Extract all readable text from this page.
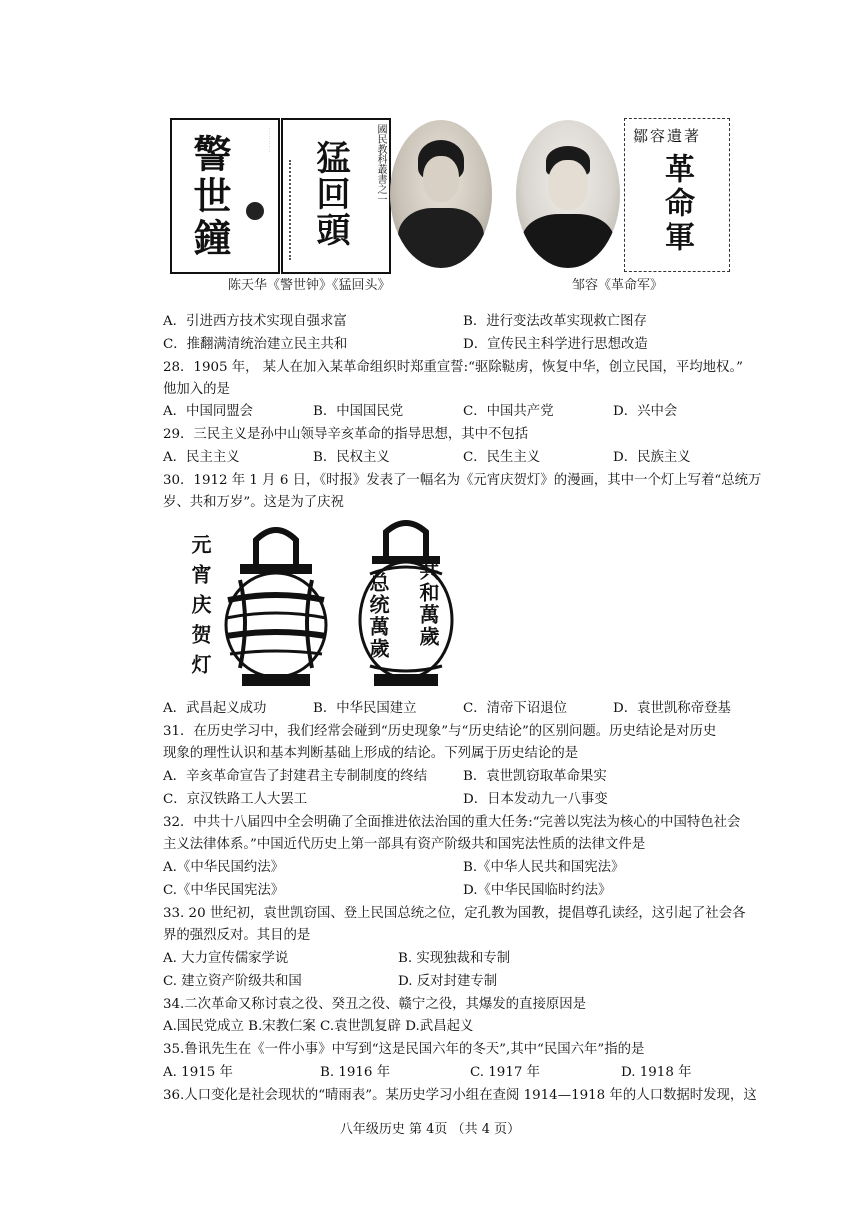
· · · · · · · · · ·
警世鐘	國民教科叢書之一
猛回頭
鄒容遺著
革命軍
陈天华《警世钟》《猛回头》	邹容《革命军》
A．引进西方技术实现自强求富	B．进行变法改革实现救亡图存
C．推翻满清统治建立民主共和	D．宣传民主科学进行思想改造
28．1905 年， 某人在加入某革命组织时郑重宣誓:“驱除鞑虏，恢复中华，创立民国，平均地权。”
他加入的是
A．中国同盟会	B．中国国民党	C．中国共产党	D．兴中会
29．三民主义是孙中山领导辛亥革命的指导思想，其中不包括
A．民主主义	B．民权主义	C．民生主义	D．民族主义
30．1912 年 1 月 6 日，《时报》发表了一幅名为《元宵庆贺灯》的漫画，其中一个灯上写着“总统万
岁、共和万岁”。这是为了庆祝
元宵庆贺灯	共和萬歲
总统萬歲
A．武昌起义成功	B．中华民国建立	C．清帝下诏退位	D．袁世凯称帝登基
31．在历史学习中，我们经常会碰到“历史现象”与“历史结论”的区别问题。历史结论是对历史
现象的理性认识和基本判断基础上形成的结论。下列属于历史结论的是
A．辛亥革命宣告了封建君主专制制度的终结	B．袁世凯窃取革命果实
C．京汉铁路工人大罢工	D．日本发动九一八事变
32．中共十八届四中全会明确了全面推进依法治国的重大任务:“完善以宪法为核心的中国特色社会
主义法律体系。”中国近代历史上第一部具有资产阶级共和国宪法性质的法律文件是
A.《中华民国约法》	B.《中华人民共和国宪法》
C.《中华民国宪法》	D.《中华民国临时约法》
33. 20 世纪初，袁世凯窃国、登上民国总统之位，定孔教为国教，提倡尊孔读经，这引起了社会各
界的强烈反对。其目的是
A. 大力宣传儒家学说	B. 实现独裁和专制
C. 建立资产阶级共和国	D. 反对封建专制
34.二次革命又称讨袁之役、癸丑之役、赣宁之役，其爆发的直接原因是
A.国民党成立 B.宋教仁案 C.袁世凯复辟 D.武昌起义
35.鲁讯先生在《一件小事》中写到“这是民国六年的冬天”,其中“民国六年”指的是
A. 1915 年	B. 1916 年	C. 1917 年	D. 1918 年
36.人口变化是社会现状的“晴雨表”。某历史学习小组在查阅 1914—1918 年的人口数据时发现，这
八年级历史 第 4页 （共 4 页）
